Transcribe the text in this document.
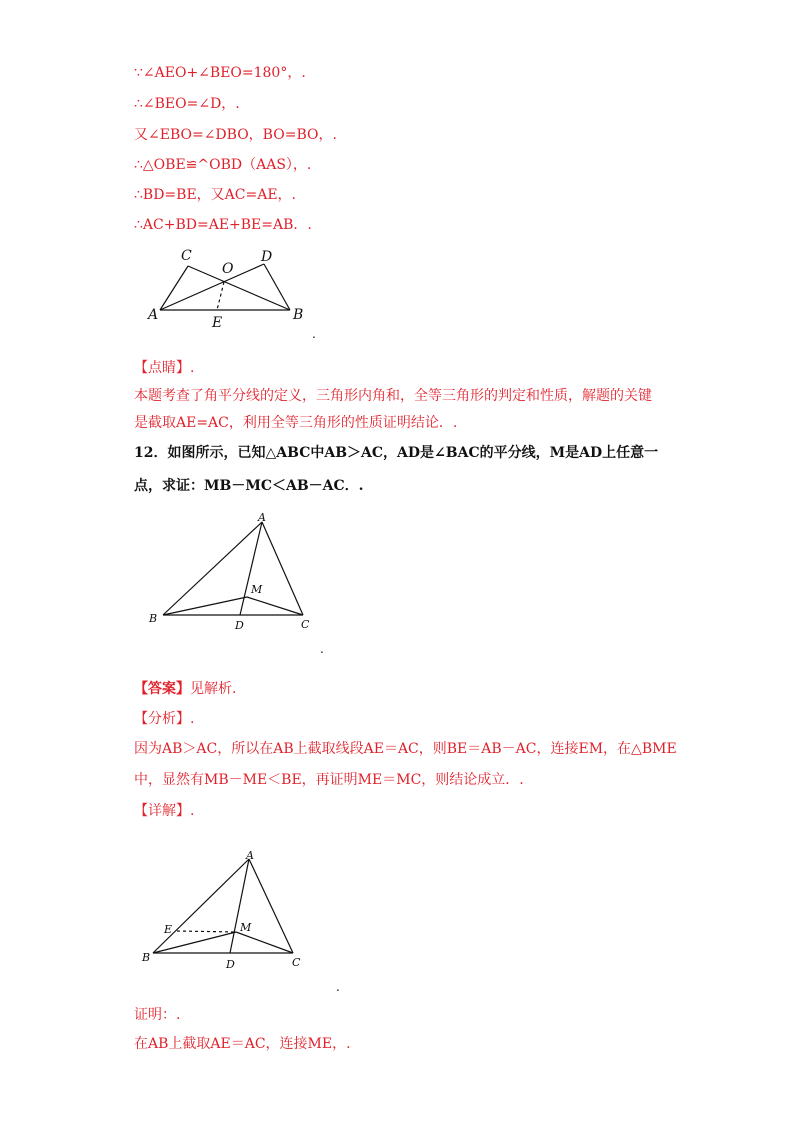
∵∠AEO+∠BEO=180°，.
∴∠BEO=∠D，.
又∠EBO=∠DBO，BO=BO，.
∴△OBE≌^OBD（AAS），.
∴BD=BE，又AC=AE，.
∴AC+BD=AE+BE=AB．.
A	B
C	D
O
E
.
【点睛】.
本题考查了角平分线的定义，三角形内角和，全等三角形的判定和性质，解题的关键
是截取AE=AC，利用全等三角形的性质证明结论．.
12．如图所示，已知△ABC中AB＞AC，AD是∠BAC的平分线，M是AD上任意一
点，求证：MB－MC＜AB－AC．.
A
B	C
D
M
.
【答案】见解析.
【分析】.
因为AB＞AC，所以在AB上截取线段AE＝AC，则BE＝AB－AC，连接EM，在△BME
中，显然有MB－ME＜BE，再证明ME＝MC，则结论成立．.
【详解】.
A
B	C
D
M
E
.
证明：.
在AB上截取AE＝AC，连接ME，.
